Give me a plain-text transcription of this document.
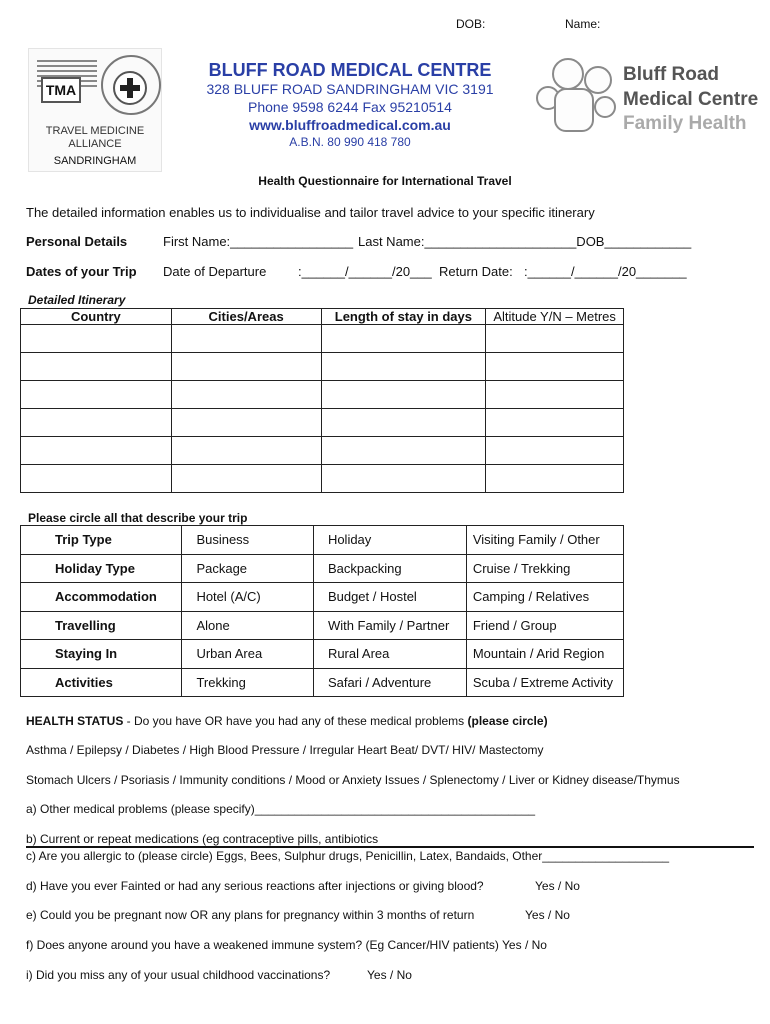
DOB:	Name:
TMA
TRAVEL MEDICINE
ALLIANCE
SANDRINGHAM
BLUFF ROAD MEDICAL CENTRE
328 BLUFF ROAD SANDRINGHAM VIC 3191
Phone 9598 6244 Fax 95210514
www.bluffroadmedical.com.au
A.B.N. 80 990 418 780
Bluff Road
Medical Centre
Family Health
Health Questionnaire for International Travel
The detailed information enables us to individualise and tailor travel advice to your specific itinerary
Personal Details	First Name:_________________ Last Name:_____________________DOB____________
Dates of your Trip Date of Departure :______/______/20___ Return Date: :______/______/20_______
Detailed Itinerary
Country	Cities/Areas	Length of stay in days	Altitude Y/N – Metres

Please circle all that describe your trip
Trip Type	Business	Holiday	Visiting Family / Other
Holiday Type	Package	Backpacking	Cruise / Trekking
Accommodation	Hotel (A/C)	Budget / Hostel	Camping / Relatives
Travelling	Alone	With Family / Partner	Friend / Group
Staying In	Urban Area	Rural Area	Mountain / Arid Region
Activities	Trekking	Safari / Adventure	Scuba / Extreme Activity
HEALTH STATUS - Do you have OR have you had any of these medical problems (please circle)
Asthma / Epilepsy / Diabetes / High Blood Pressure / Irregular Heart Beat/ DVT/ HIV/ Mastectomy
Stomach Ulcers / Psoriasis / Immunity conditions / Mood or Anxiety Issues / Splenectomy / Liver or Kidney disease/Thymus
a) Other medical problems (please specify)__________________________________________
b) Current or repeat medications (eg contraceptive pills, antibiotics
c) Are you allergic to (please circle) Eggs, Bees, Sulphur drugs, Penicillin, Latex, Bandaids, Other___________________
d) Have you ever Fainted or had any serious reactions after injections or giving blood?	Yes / No
e) Could you be pregnant now OR any plans for pregnancy within 3 months of return	Yes / No
f) Does anyone around you have a weakened immune system? (Eg Cancer/HIV patients) Yes / No
i) Did you miss any of your usual childhood vaccinations?	Yes / No
